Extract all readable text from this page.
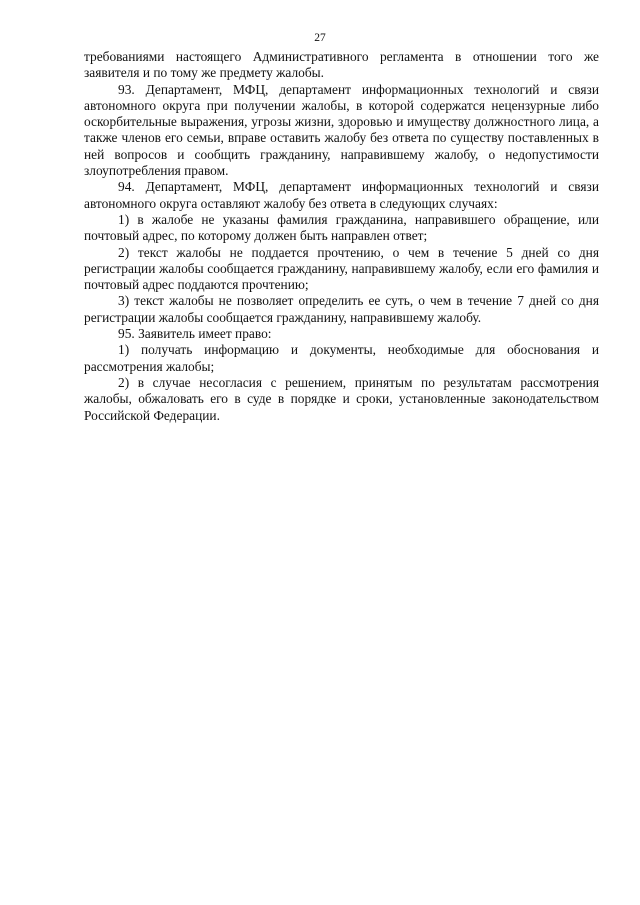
27

требованиями настоящего Административного регламента в отношении того же заявителя и по тому же предмету жалобы.

93. Департамент, МФЦ, департамент информационных технологий и связи автономного округа при получении жалобы, в которой содержатся нецензурные либо оскорбительные выражения, угрозы жизни, здоровью и имуществу должностного лица, а также членов его семьи, вправе оставить жалобу без ответа по существу поставленных в ней вопросов и сообщить гражданину, направившему жалобу, о недопустимости злоупотребления правом.

94. Департамент, МФЦ, департамент информационных технологий и связи автономного округа оставляют жалобу без ответа в следующих случаях:

1) в жалобе не указаны фамилия гражданина, направившего обращение, или почтовый адрес, по которому должен быть направлен ответ;

2) текст жалобы не поддается прочтению, о чем в течение 5 дней со дня регистрации жалобы сообщается гражданину, направившему жалобу, если его фамилия и почтовый адрес поддаются прочтению;

3) текст жалобы не позволяет определить ее суть, о чем в течение 7 дней со дня регистрации жалобы сообщается гражданину, направившему жалобу.

95. Заявитель имеет право:

1) получать информацию и документы, необходимые для обоснования и рассмотрения жалобы;

2) в случае несогласия с решением, принятым по результатам рассмотрения жалобы, обжаловать его в суде в порядке и сроки, установленные законодательством Российской Федерации.
